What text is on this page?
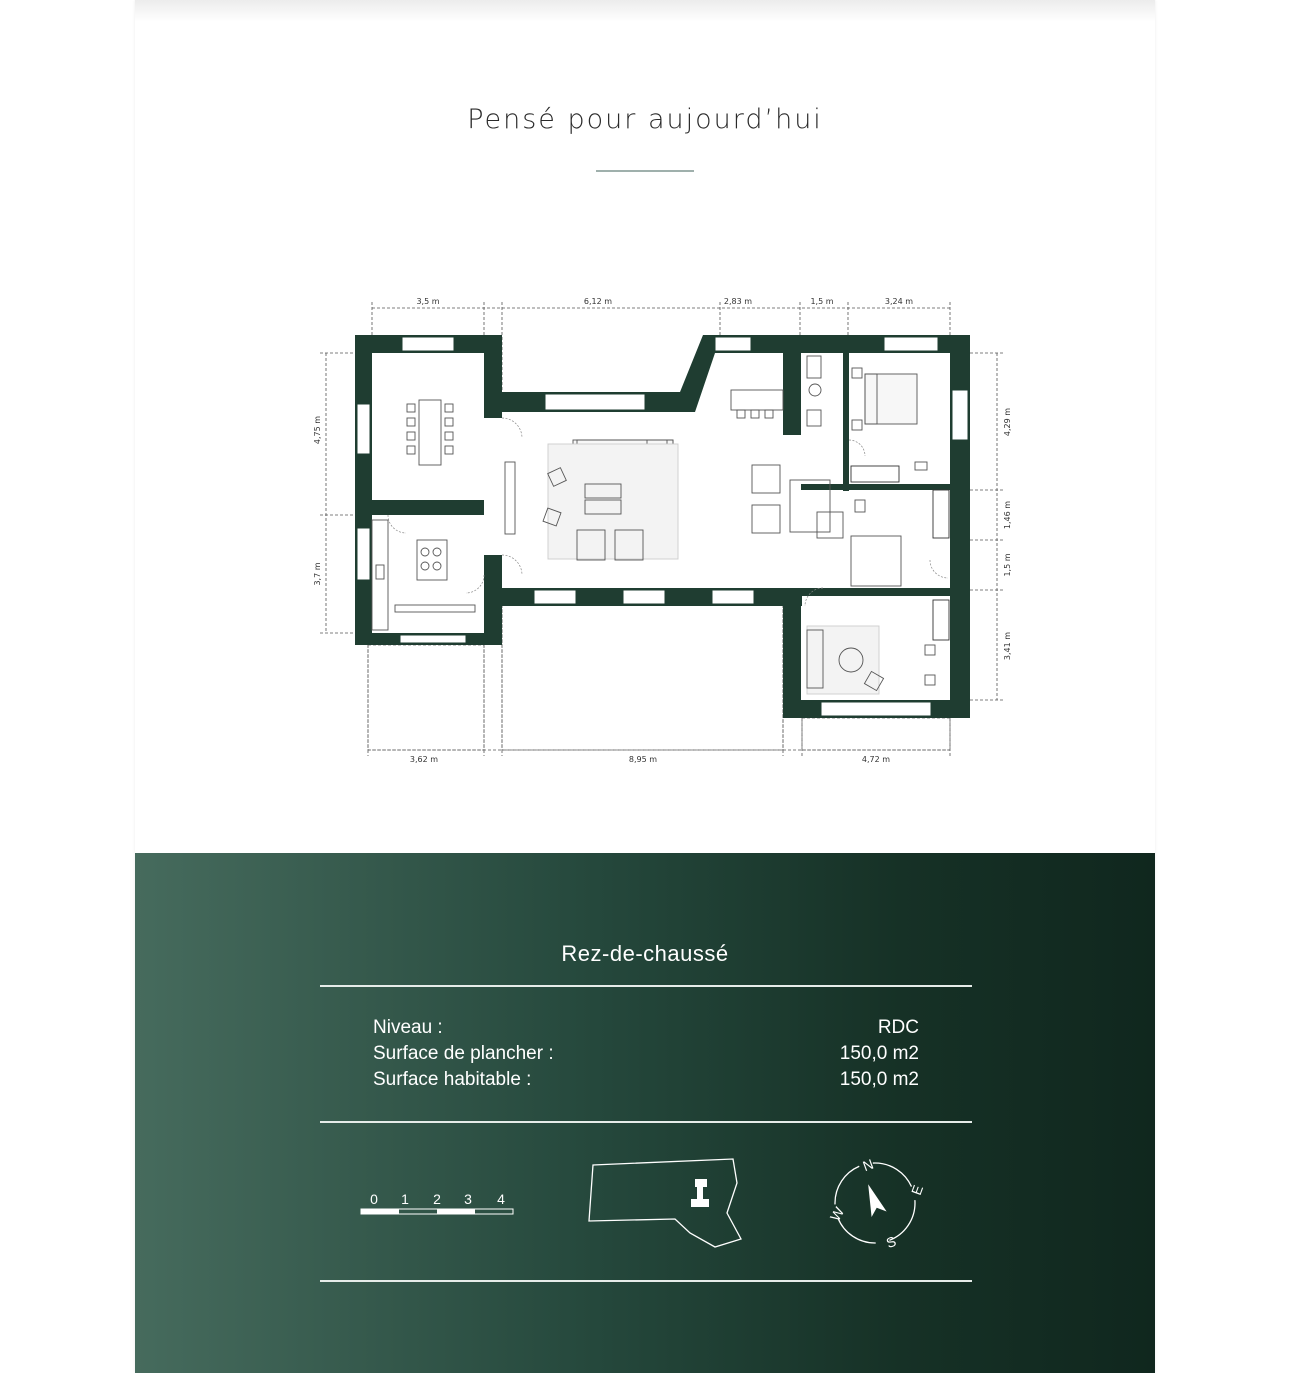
Pensé pour aujourd’hui
3,5 m	6,12 m	2,83 m	1,5 m	3,24 m
3,62 m	8,95 m	4,72 m
4,75 m
3,7 m
4,29 m
1,46 m
1,5 m
3,41 m
Rez-de-chaussé
Niveau :	RDC
Surface de plancher :	150,0 m2
Surface habitable :	150,0 m2
0 1 2 3 4
N
E
S
W
